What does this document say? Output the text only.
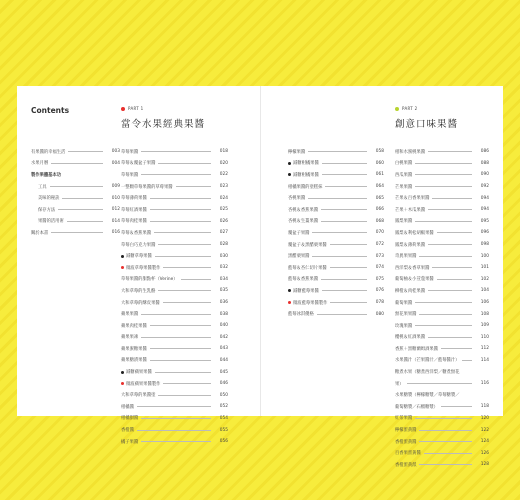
Contents	PART 1
當令水果經典果醬
PART 2
創意口味果醬
有果醬的幸福生活	003
水果月曆	004
製作果醬基本功
工具	009
美味的秘訣	010
保存方法	012
果醬的活用術	014
關於本書	016
草莓果醬	018
草莓＆覆盆子果醬	020
草莓果醬	022
一整顆草莓果醬的草莓果醬	023
草莓薄荷果醬	024
草莓紅酒果醬	025
草莓肉桂果醬	026
草莓＆香蕉果醬	027
草莓白巧克力果醬	028
減糖草莓果醬	030
微波草莓果醬製作	032
草莓果醬的甜點杯（Verine）	034
大和草莓的生乳酪	035
大和草莓的酥皮果醬	036
蘋果果醬	038
蘋果肉桂果醬	040
蘋果果凍	042
蘋果蜜糖果醬	043
蘋果糖漬果醬	044
減糖蘋果果醬	045
微波蘋果果醬製作	046
大和草莓的果醬塗	050
柑橘醬	052
柑橘甜醬	054
香橙醬	055
橘子果醬	056
檸檬果醬	058
減糖柑橘果醬	060
減糖柑橘果醬	061
柑橘果醬的塗糕抹	064
杏桃果醬	065
杏桃＆香蕉果醬	066
杏桃＆生薑果醬	068
覆盆子果醬	070
覆盆子＆黑醋栗果醬	072
黑醋栗果醬	073
藍莓＆杏仁切片果醬	074
藍莓＆香蕉果醬	075
減糖藍莓果醬	076
微波藍莓果醬製作	078
藍莓冰淇優格	080
柑和水蜜桃果醬	086
白桃果醬	088
西瓜果醬	090
芒果果醬	092
芒果＆百香果果醬	094
芒果＋木瓜果醬	094
鳳梨果醬	095
鳳梨＆利松胡椒果醬	096
鳳梨＆薄荷果醬	098
奇異果果醬	100
西洋梨＆香草果醬	101
葡萄柚＆小荳蔻果醬	102
柳橙＆肉桂果醬	104
葡萄果醬	106
無花果果醬	108
玫瑰果醬	109
櫻桃＆紅酒果醬	110
香蕉＋黑糖蘭姆酒果醬	112
水果醬汁（芒果醬汁／藍莓醬汁）	114
糖煮水果（糖煮西洋梨／糖煮無花
果）	116
水果糖漿（檸檬糖漿／草莓糖漿／
葡萄糖漿／石榴糖漿）	118
紅茶果醬	120
檸檬蛋黃醬	122
香橙蛋黃醬	124
百香果蛋黃醬	126
香橙蛋黃派	128
